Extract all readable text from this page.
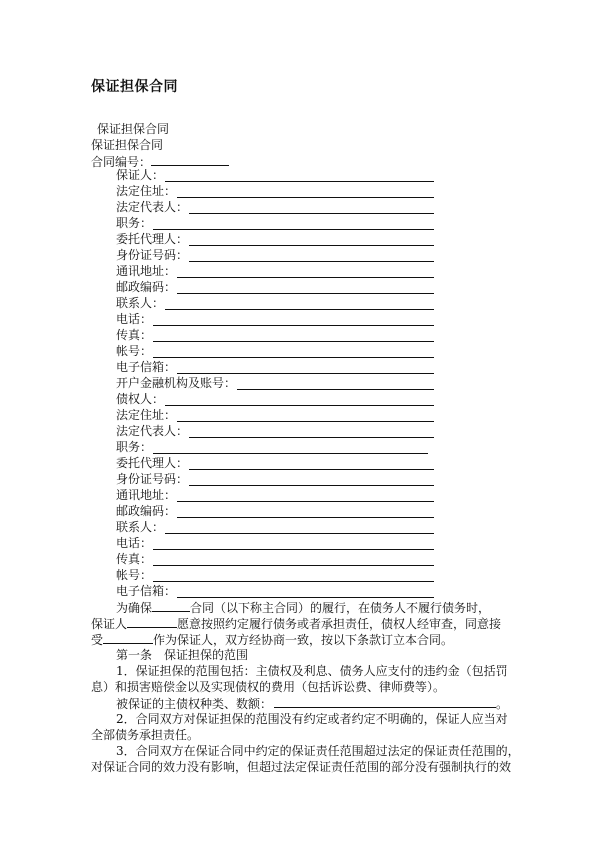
保证担保合同
保证担保合同
保证担保合同
合同编号：
保证人：
法定住址：
法定代表人：
职务：
委托代理人：
身份证号码：
通讯地址：
邮政编码：
联系人：
电话：
传真：
帐号：
电子信箱：
开户金融机构及账号：
债权人：
法定住址：
法定代表人：
职务：
委托代理人：
身份证号码：
通讯地址：
邮政编码：
联系人：
电话：
传真：
帐号：
电子信箱：
为确保	合同（以下称主合同）的履行，在债务人不履行债务时，
保证人	愿意按照约定履行债务或者承担责任，债权人经审查，同意接
受	作为保证人，双方经协商一致，按以下条款订立本合同。
第一条　保证担保的范围
1．保证担保的范围包括：主债权及利息、债务人应支付的违约金（包括罚
息）和损害赔偿金以及实现债权的费用（包括诉讼费、律师费等）。
被保证的主债权种类、数额：	。
2．合同双方对保证担保的范围没有约定或者约定不明确的，保证人应当对
全部债务承担责任。
3．合同双方在保证合同中约定的保证责任范围超过法定的保证责任范围的，
对保证合同的效力没有影响，但超过法定保证责任范围的部分没有强制执行的效
